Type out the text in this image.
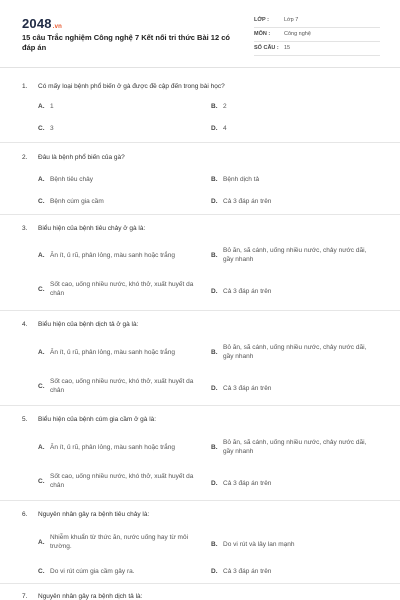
2048.vn
15 câu Trắc nghiệm Công nghệ 7 Kết nối tri thức Bài 12 có đáp án
LỚP :	Lớp 7
MÔN :	Công nghệ
SỐ CÂU : 15
1. Có mấy loại bệnh phổ biến ở gà được đề cập đến trong bài học?
A. 1	B. 2
C. 3	D. 4
2. Đâu là bệnh phổ biến của gà?
A. Bệnh tiêu chảy	B. Bệnh dịch tả
C. Bệnh cúm gia cầm	D. Cả 3 đáp án trên
3. Biểu hiện của bệnh tiêu chảy ở gà là:
A. Ăn ít, ủ rũ, phân lỏng, màu sanh hoặc trắng	B.
Bỏ ăn, sã cánh, uống nhiều nước, chảy nước dãi, gầy nhanh
C.
Sốt cao, uống nhiều nước, khó thở, xuất huyết da chân	D. Cả 3 đáp án trên
4. Biểu hiện của bệnh dịch tả ở gà là:
A. Ăn ít, ủ rũ, phân lỏng, màu sanh hoặc trắng	B.
Bỏ ăn, sã cánh, uống nhiều nước, chảy nước dãi, gầy nhanh
C.
Sốt cao, uống nhiều nước, khó thở, xuất huyết da chân	D. Cả 3 đáp án trên
5. Biểu hiện của bệnh cúm gia cầm ở gà là:
A. Ăn ít, ủ rũ, phân lỏng, màu sanh hoặc trắng	B.
Bỏ ăn, sã cánh, uống nhiều nước, chảy nước dãi, gầy nhanh
C.
Sốt cao, uống nhiều nước, khó thở, xuất huyết da chân	D. Cả 3 đáp án trên
6. Nguyên nhân gây ra bệnh tiêu chảy là:
A.
Nhiễm khuẩn từ thức ăn, nước uống hay từ môi trường.	B. Do vi rút và lây lan mạnh
C. Do vi rút cúm gia cầm gây ra.	D. Cả 3 đáp án trên
7. Nguyên nhân gây ra bệnh dịch tả là:
